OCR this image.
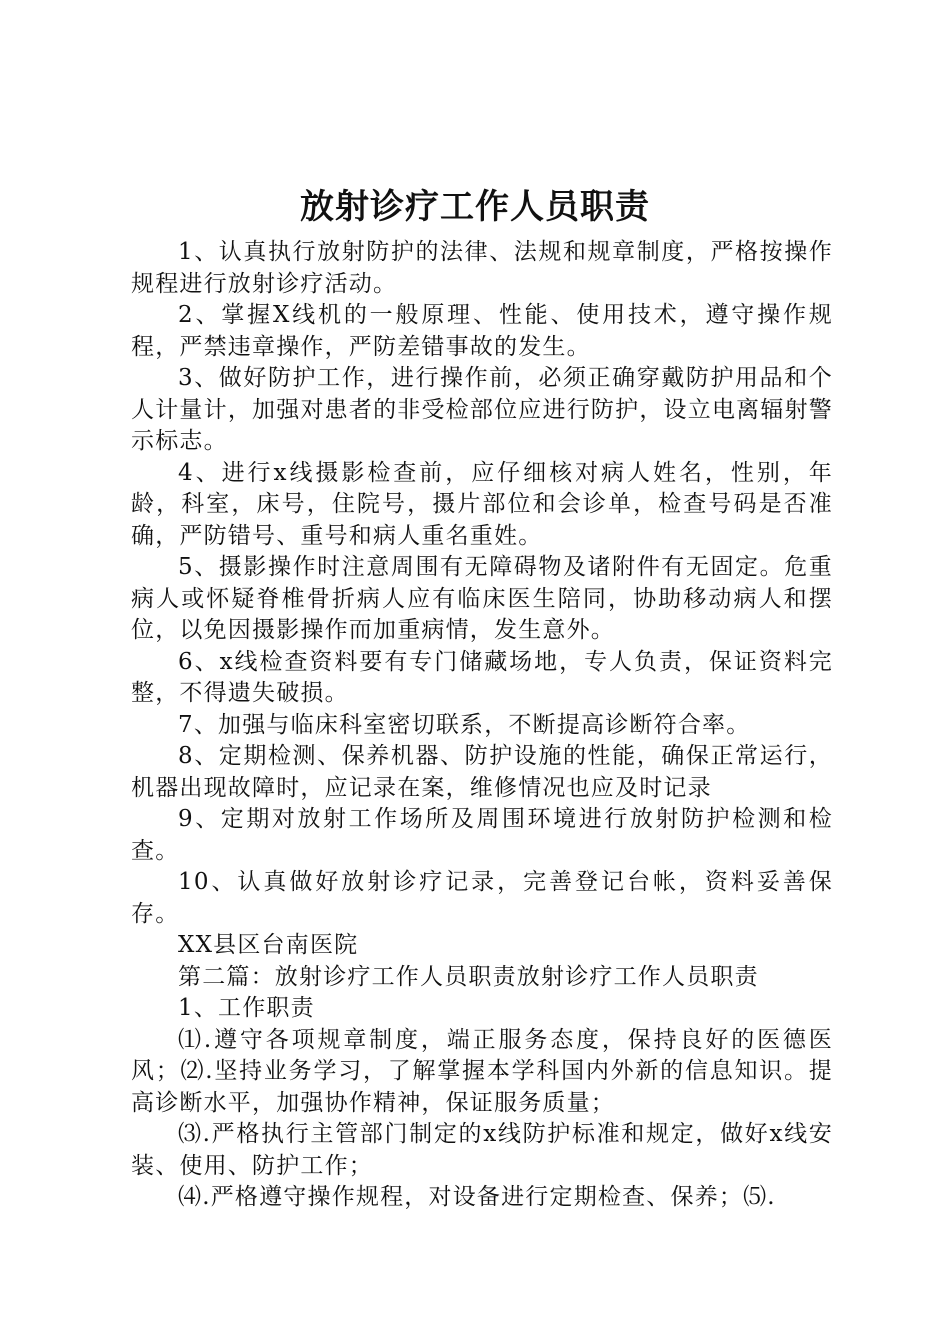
放射诊疗工作人员职责

1、认真执行放射防护的法律、法规和规章制度，严格按操作规程进行放射诊疗活动。

2、掌握X线机的一般原理、性能、使用技术，遵守操作规程，严禁违章操作，严防差错事故的发生。

3、做好防护工作，进行操作前，必须正确穿戴防护用品和个人计量计，加强对患者的非受检部位应进行防护，设立电离辐射警示标志。

4、进行x线摄影检查前，应仔细核对病人姓名，性别，年龄，科室，床号，住院号，摄片部位和会诊单，检查号码是否准确，严防错号、重号和病人重名重姓。

5、摄影操作时注意周围有无障碍物及诸附件有无固定。危重病人或怀疑脊椎骨折病人应有临床医生陪同，协助移动病人和摆位，以免因摄影操作而加重病情，发生意外。

6、x线检查资料要有专门储藏场地，专人负责，保证资料完整，不得遗失破损。

7、加强与临床科室密切联系，不断提高诊断符合率。

8、定期检测、保养机器、防护设施的性能，确保正常运行，机器出现故障时，应记录在案，维修情况也应及时记录

9、定期对放射工作场所及周围环境进行放射防护检测和检查。

10、认真做好放射诊疗记录，完善登记台帐，资料妥善保存。

XX县区台南医院

第二篇：放射诊疗工作人员职责放射诊疗工作人员职责

1、工作职责

⑴.遵守各项规章制度，端正服务态度，保持良好的医德医风；⑵.坚持业务学习，了解掌握本学科国内外新的信息知识。提高诊断水平，加强协作精神，保证服务质量；

⑶.严格执行主管部门制定的x线防护标准和规定，做好x线安装、使用、防护工作；

⑷.严格遵守操作规程，对设备进行定期检查、保养；⑸.
